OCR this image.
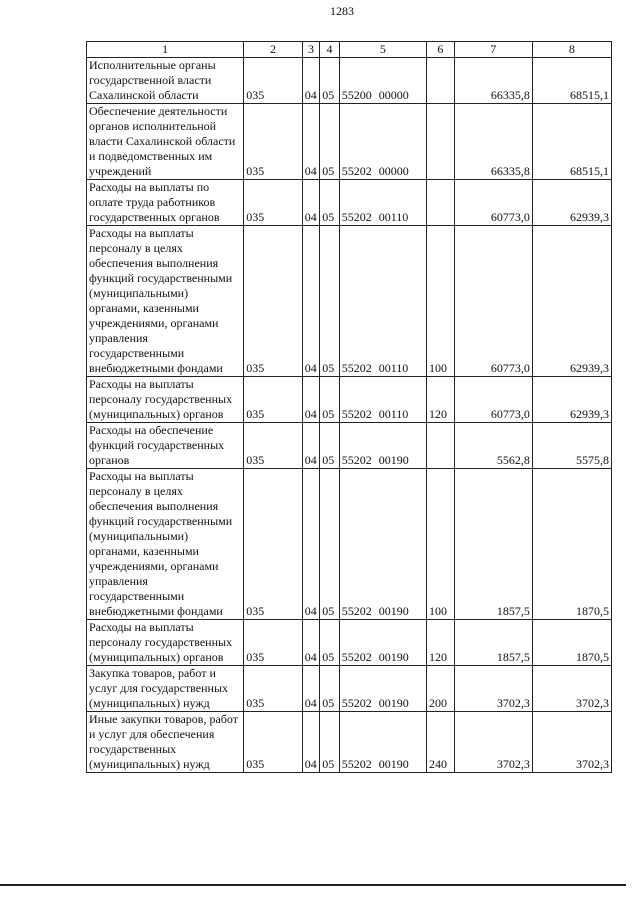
1283
1	2	3	4	5	6	7	8
Исполнительные органы государственной власти Сахалинской области	035	04	05	55200 00000		66335,8	68515,1
Обеспечение деятельности органов исполнительной власти Сахалинской области и подведомственных им учреждений	035	04	05	55202 00000		66335,8	68515,1
Расходы на выплаты по оплате труда работников государственных органов	035	04	05	55202 00110		60773,0	62939,3
Расходы на выплаты персоналу в целях обеспечения выполнения функций государственными (муниципальными) органами, казенными учреждениями, органами управления государственными внебюджетными фондами	035	04	05	55202 00110	100	60773,0	62939,3
Расходы на выплаты персоналу государственных (муниципальных) органов	035	04	05	55202 00110	120	60773,0	62939,3
Расходы на обеспечение функций государственных органов	035	04	05	55202 00190		5562,8	5575,8
Расходы на выплаты персоналу в целях обеспечения выполнения функций государственными (муниципальными) органами, казенными учреждениями, органами управления государственными внебюджетными фондами	035	04	05	55202 00190	100	1857,5	1870,5
Расходы на выплаты персоналу государственных (муниципальных) органов	035	04	05	55202 00190	120	1857,5	1870,5
Закупка товаров, работ и услуг для государственных (муниципальных) нужд	035	04	05	55202 00190	200	3702,3	3702,3
Иные закупки товаров, работ и услуг для обеспечения государственных (муниципальных) нужд	035	04	05	55202 00190	240	3702,3	3702,3
